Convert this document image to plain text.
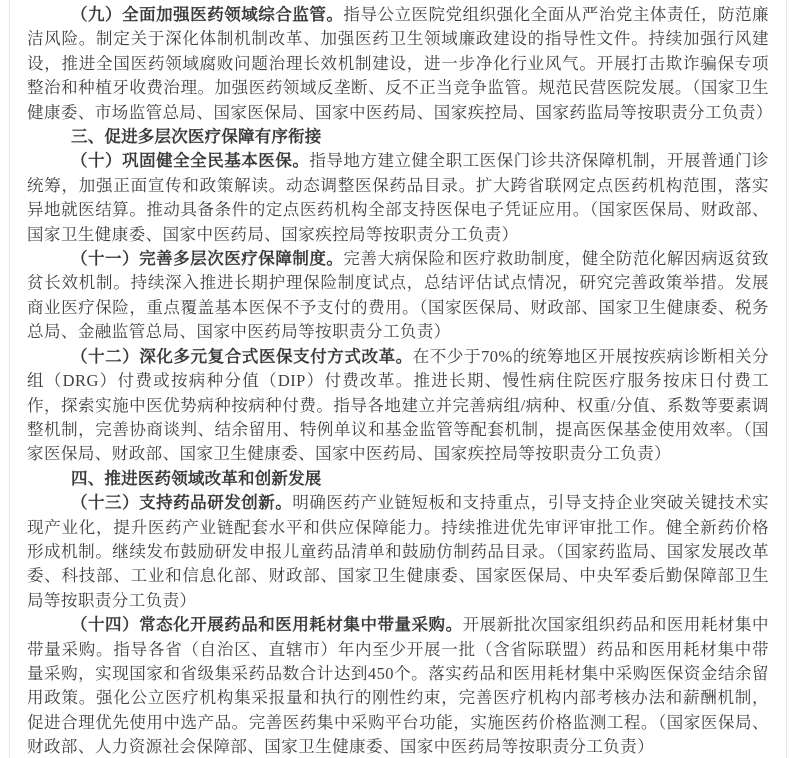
（九）全面加强医药领域综合监管。指导公立医院党组织强化全面从严治党主体责任，防范廉洁风险。制定关于深化体制机制改革、加强医药卫生领域廉政建设的指导性文件。持续加强行风建设，推进全国医药领域腐败问题治理长效机制建设，进一步净化行业风气。开展打击欺诈骗保专项整治和种植牙收费治理。加强医药领域反垄断、反不正当竞争监管。规范民营医院发展。（国家卫生健康委、市场监管总局、国家医保局、国家中医药局、国家疾控局、国家药监局等按职责分工负责）

三、促进多层次医疗保障有序衔接

（十）巩固健全全民基本医保。指导地方建立健全职工医保门诊共济保障机制，开展普通门诊统筹，加强正面宣传和政策解读。动态调整医保药品目录。扩大跨省联网定点医药机构范围，落实异地就医结算。推动具备条件的定点医药机构全部支持医保电子凭证应用。（国家医保局、财政部、国家卫生健康委、国家中医药局、国家疾控局等按职责分工负责）

（十一）完善多层次医疗保障制度。完善大病保险和医疗救助制度，健全防范化解因病返贫致贫长效机制。持续深入推进长期护理保险制度试点，总结评估试点情况，研究完善政策举措。发展商业医疗保险，重点覆盖基本医保不予支付的费用。（国家医保局、财政部、国家卫生健康委、税务总局、金融监管总局、国家中医药局等按职责分工负责）

（十二）深化多元复合式医保支付方式改革。在不少于70%的统筹地区开展按疾病诊断相关分组（DRG）付费或按病种分值（DIP）付费改革。推进长期、慢性病住院医疗服务按床日付费工作，探索实施中医优势病种按病种付费。指导各地建立并完善病组/病种、权重/分值、系数等要素调整机制，完善协商谈判、结余留用、特例单议和基金监管等配套机制，提高医保基金使用效率。（国家医保局、财政部、国家卫生健康委、国家中医药局、国家疾控局等按职责分工负责）

四、推进医药领域改革和创新发展

（十三）支持药品研发创新。明确医药产业链短板和支持重点，引导支持企业突破关键技术实现产业化，提升医药产业链配套水平和供应保障能力。持续推进优先审评审批工作。健全新药价格形成机制。继续发布鼓励研发申报儿童药品清单和鼓励仿制药品目录。（国家药监局、国家发展改革委、科技部、工业和信息化部、财政部、国家卫生健康委、国家医保局、中央军委后勤保障部卫生局等按职责分工负责）

（十四）常态化开展药品和医用耗材集中带量采购。开展新批次国家组织药品和医用耗材集中带量采购。指导各省（自治区、直辖市）年内至少开展一批（含省际联盟）药品和医用耗材集中带量采购，实现国家和省级集采药品数合计达到450个。落实药品和医用耗材集中采购医保资金结余留用政策。强化公立医疗机构集采报量和执行的刚性约束，完善医疗机构内部考核办法和薪酬机制，促进合理优先使用中选产品。完善医药集中采购平台功能，实施医药价格监测工程。（国家医保局、财政部、人力资源社会保障部、国家卫生健康委、国家中医药局等按职责分工负责）
